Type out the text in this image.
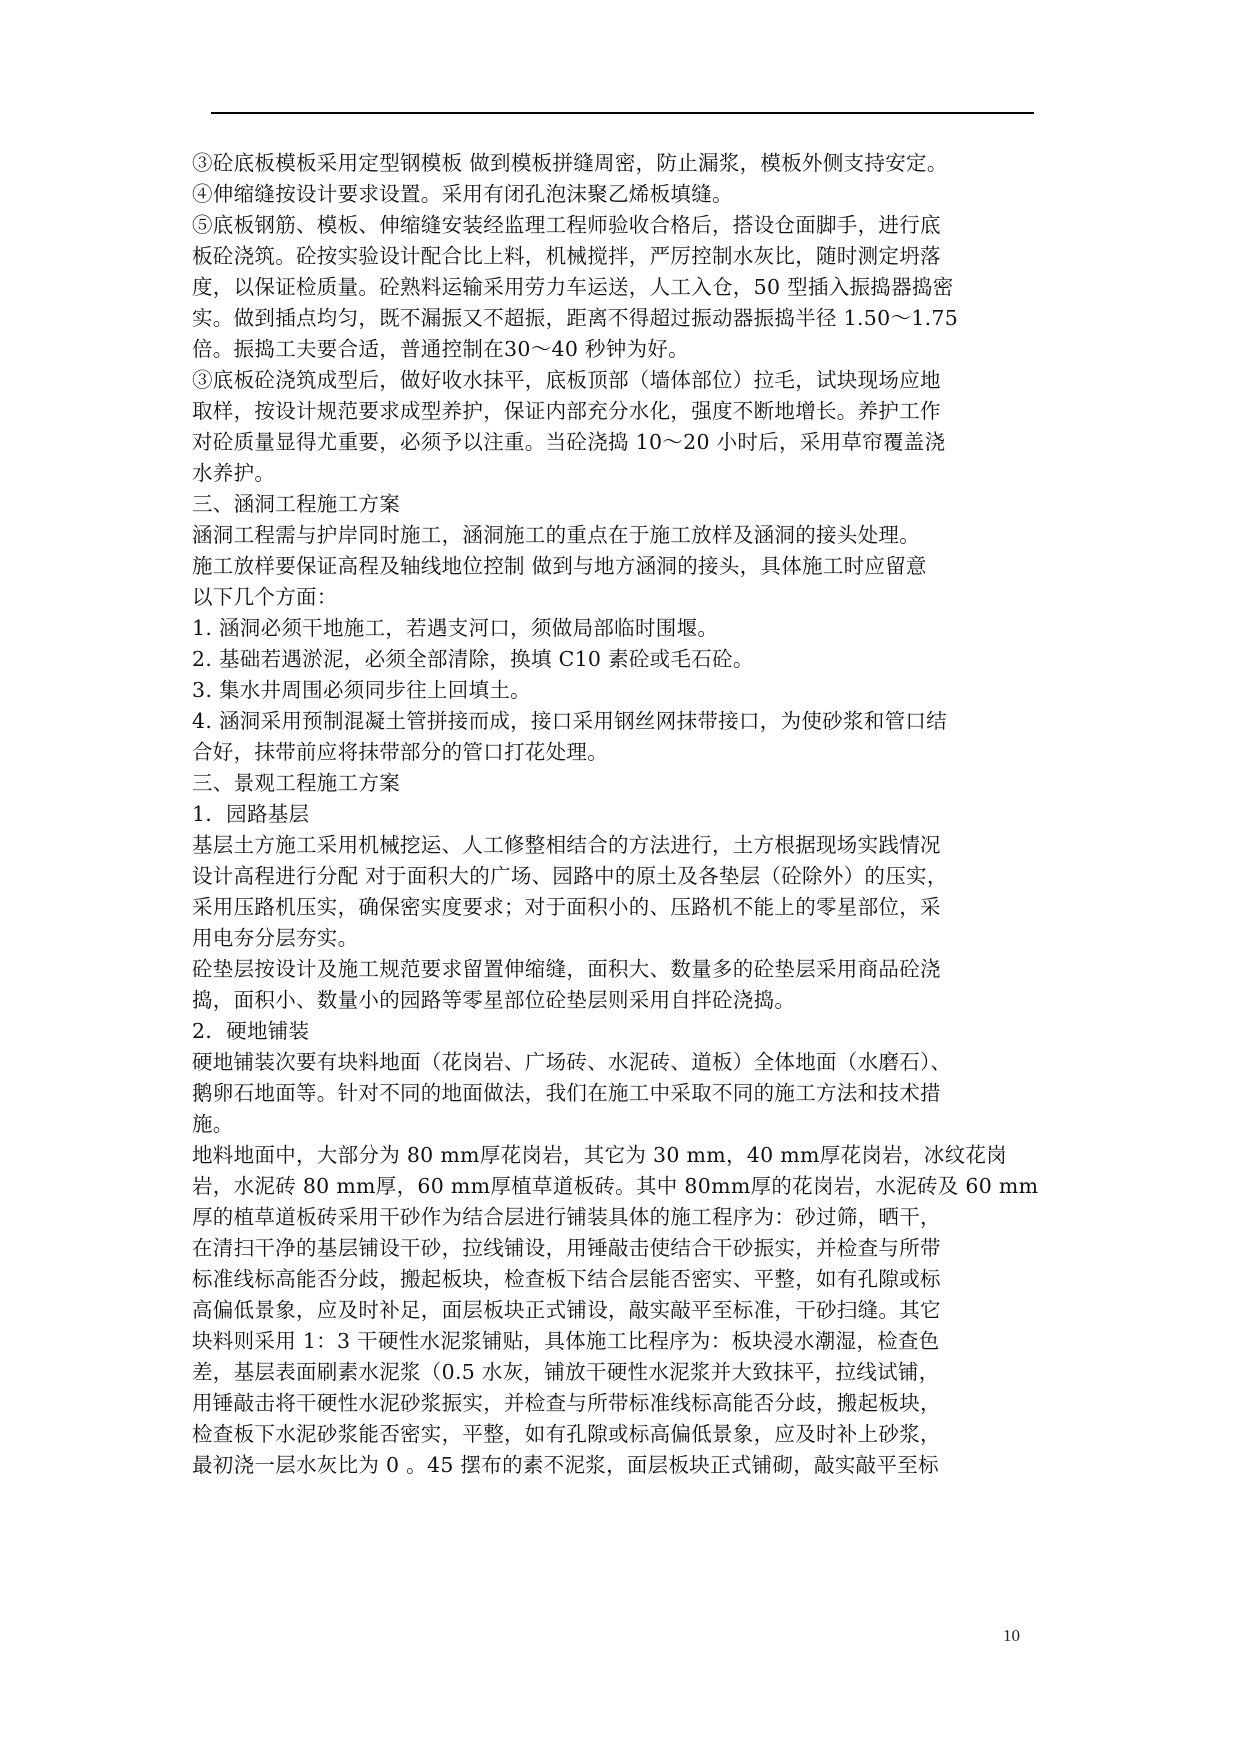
③砼底板模板采用定型钢模板 做到模板拼缝周密，防止漏浆，模板外侧支持安定。
④伸缩缝按设计要求设置。采用有闭孔泡沫聚乙烯板填缝。
⑤底板钢筋、模板、伸缩缝安装经监理工程师验收合格后，搭设仓面脚手，进行底
板砼浇筑。砼按实验设计配合比上料，机械搅拌，严厉控制水灰比，随时测定坍落
度，以保证检质量。砼熟料运输采用劳力车运送，人工入仓，50 型插入振捣器捣密
实。做到插点均匀，既不漏振又不超振，距离不得超过振动器振捣半径 1.50～1.75
倍。振捣工夫要合适，普通控制在30～40 秒钟为好。
③底板砼浇筑成型后，做好收水抹平，底板顶部（墙体部位）拉毛，试块现场应地
取样，按设计规范要求成型养护，保证内部充分水化，强度不断地增长。养护工作
对砼质量显得尤重要，必须予以注重。当砼浇捣 10～20 小时后，采用草帘覆盖浇
水养护。
三、涵洞工程施工方案
涵洞工程需与护岸同时施工，涵洞施工的重点在于施工放样及涵洞的接头处理。
施工放样要保证高程及轴线地位控制 做到与地方涵洞的接头，具体施工时应留意
以下几个方面：
1. 涵洞必须干地施工，若遇支河口，须做局部临时围堰。
2. 基础若遇淤泥，必须全部清除，换填 C10 素砼或毛石砼。
3. 集水井周围必须同步往上回填土。
4. 涵洞采用预制混凝土管拼接而成，接口采用钢丝网抹带接口，为使砂浆和管口结
合好，抹带前应将抹带部分的管口打花处理。
三、景观工程施工方案
1．园路基层
基层土方施工采用机械挖运、人工修整相结合的方法进行，土方根据现场实践情况
设计高程进行分配 对于面积大的广场、园路中的原土及各垫层（砼除外）的压实，
采用压路机压实，确保密实度要求；对于面积小的、压路机不能上的零星部位，采
用电夯分层夯实。
砼垫层按设计及施工规范要求留置伸缩缝，面积大、数量多的砼垫层采用商品砼浇
捣，面积小、数量小的园路等零星部位砼垫层则采用自拌砼浇捣。
2．硬地铺装
硬地铺装次要有块料地面（花岗岩、广场砖、水泥砖、道板）全体地面（水磨石）、
鹅卵石地面等。针对不同的地面做法，我们在施工中采取不同的施工方法和技术措
施。
地料地面中，大部分为 80 mm厚花岗岩，其它为 30 mm，40 mm厚花岗岩，冰纹花岗
岩，水泥砖 80 mm厚，60 mm厚植草道板砖。其中 80mm厚的花岗岩，水泥砖及 60 mm
厚的植草道板砖采用干砂作为结合层进行铺装具体的施工程序为：砂过筛，晒干，
在清扫干净的基层铺设干砂，拉线铺设，用锤敲击使结合干砂振实，并检查与所带
标准线标高能否分歧，搬起板块，检查板下结合层能否密实、平整，如有孔隙或标
高偏低景象，应及时补足，面层板块正式铺设，敲实敲平至标准，干砂扫缝。其它
块料则采用 1：3 干硬性水泥浆铺贴，具体施工比程序为：板块浸水潮湿，检查色
差，基层表面刷素水泥浆（0.5 水灰，铺放干硬性水泥浆并大致抹平，拉线试铺，
用锤敲击将干硬性水泥砂浆振实，并检查与所带标准线标高能否分歧，搬起板块，
检查板下水泥砂浆能否密实，平整，如有孔隙或标高偏低景象，应及时补上砂浆，
最初浇一层水灰比为 0 。45 摆布的素不泥浆，面层板块正式铺砌，敲实敲平至标
10
